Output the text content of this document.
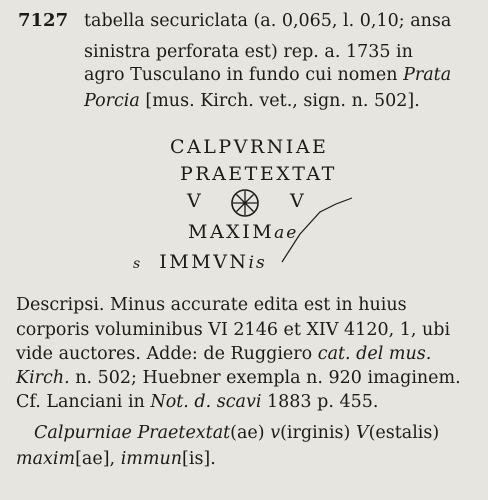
7127 tabella securiclata (a. 0,065, l. 0,10; ansa
sinistra perforata est) rep. a. 1735 in
agro Tusculano in fundo cui nomen Prata
Porcia [mus. Kirch. vet., sign. n. 502].
CALPVRNIAE
PRAETEXTAT
V	V
MAXIMae
s IMMVNis
Descripsi. Minus accurate edita est in huius
corporis voluminibus VI 2146 et XIV 4120, 1, ubi
vide auctores. Adde: de Ruggiero cat. del mus.
Kirch. n. 502; Huebner exempla n. 920 imaginem.
Cf. Lanciani in Not. d. scavi 1883 p. 455.
Calpurniae Praetextat(ae) v(irginis) V(estalis)
maxim[ae], immun[is].
